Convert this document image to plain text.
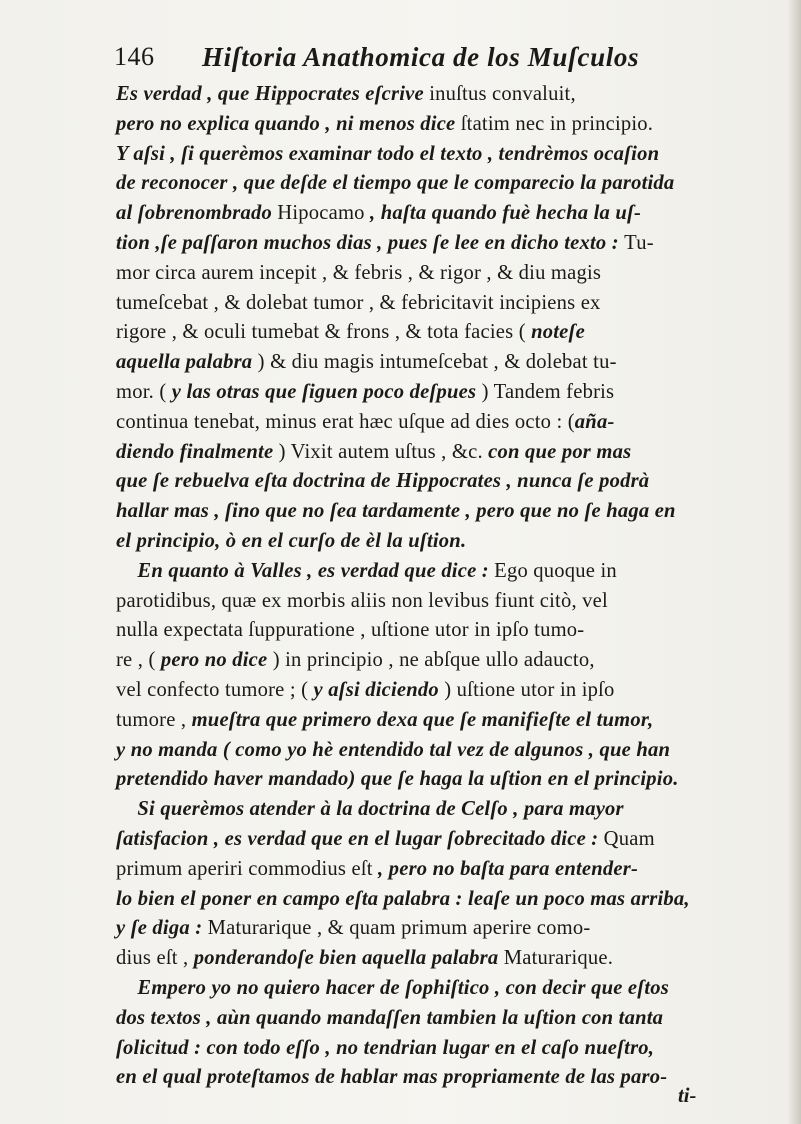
146 Hiſtoria Anathomica de los Muſculos
Es verdad , que Hippocrates eſcrive inuſtus convaluit,
pero no explica quando , ni menos dice ſtatim nec in principio.
Y aſsi , ſi querèmos examinar todo el texto , tendrèmos ocaſion
de reconocer , que deſde el tiempo que le comparecio la parotida
al ſobrenombrado Hipocamo , haſta quando fuè hecha la uſ-
tion ,ſe paſſaron muchos dias , pues ſe lee en dicho texto : Tu-
mor circa aurem incepit , & febris , & rigor , & diu magis
tumeſcebat , & dolebat tumor , & febricitavit incipiens ex
rigore , & oculi tumebat & frons , & tota facies ( noteſe
aquella palabra ) & diu magis intumeſcebat , & dolebat tu-
mor. ( y las otras que ſiguen poco deſpues ) Tandem febris
continua tenebat, minus erat hæc uſque ad dies octo : (aña-
diendo finalmente ) Vixit autem uſtus , &c. con que por mas
que ſe rebuelva eſta doctrina de Hippocrates , nunca ſe podrà
hallar mas , ſino que no ſea tardamente , pero que no ſe haga en
el principio, ò en el curſo de èl la uſtion.
En quanto à Valles , es verdad que dice : Ego quoque in
parotidibus, quæ ex morbis aliis non levibus fiunt citò, vel
nulla expectata ſuppuratione , uſtione utor in ipſo tumo-
re , ( pero no dice ) in principio , ne abſque ullo adaucto,
vel confecto tumore ; ( y aſsi diciendo ) uſtione utor in ipſo
tumore , mueſtra que primero dexa que ſe manifieſte el tumor,
y no manda ( como yo hè entendido tal vez de algunos , que han
pretendido haver mandado) que ſe haga la uſtion en el principio.
Si querèmos atender à la doctrina de Celſo , para mayor
ſatisfacion , es verdad que en el lugar ſobrecitado dice : Quam
primum aperiri commodius eſt , pero no baſta para entender-
lo bien el poner en campo eſta palabra : leaſe un poco mas arriba,
y ſe diga : Maturarique , & quam primum aperire como-
dius eſt , ponderandoſe bien aquella palabra Maturarique.
Empero yo no quiero hacer de ſophiſtico , con decir que eſtos
dos textos , aùn quando mandaſſen tambien la uſtion con tanta
ſolicitud : con todo eſſo , no tendrian lugar en el caſo nueſtro,
en el qual proteſtamos de hablar mas propriamente de las paro-
ti-
